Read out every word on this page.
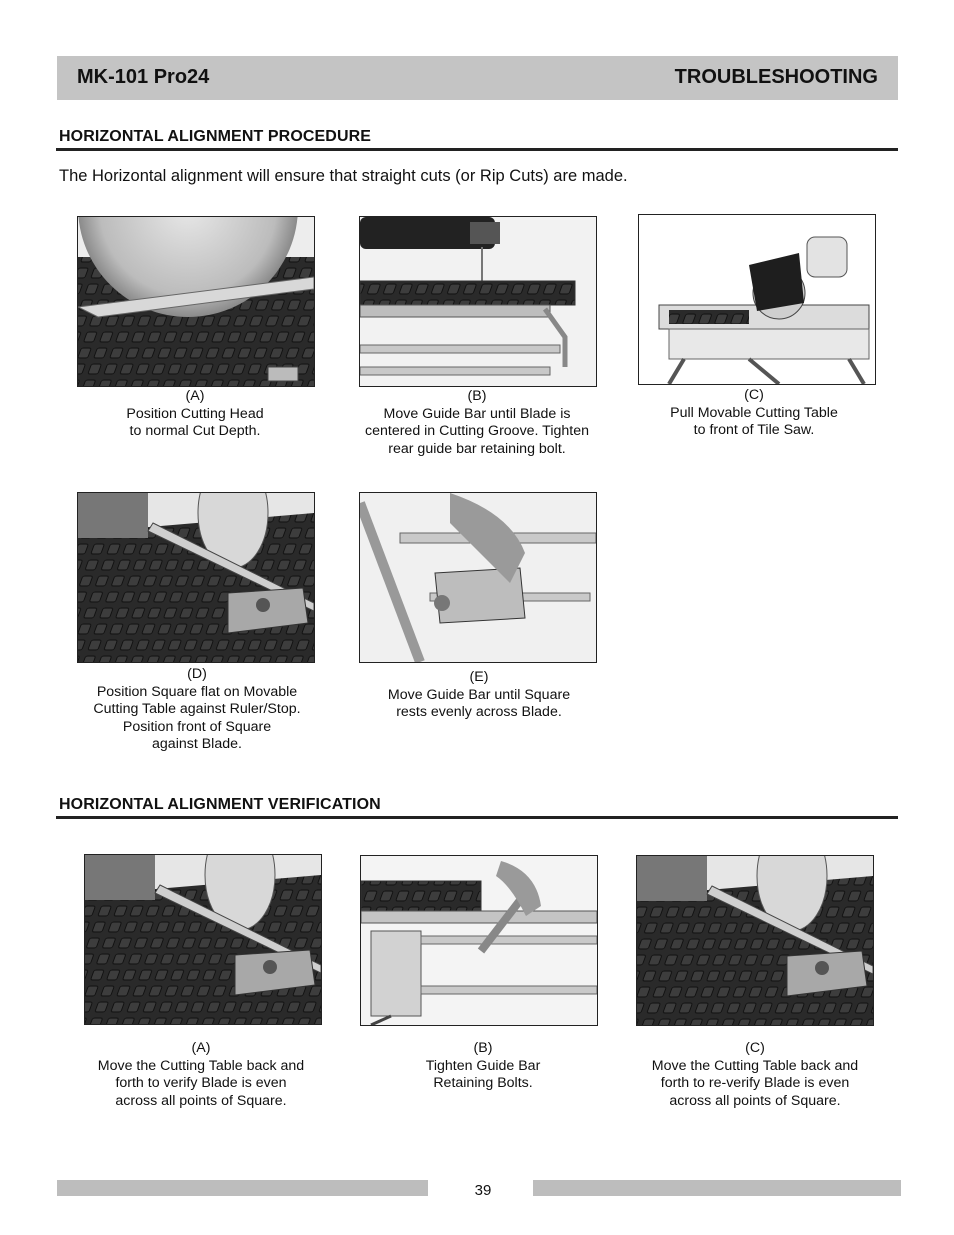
MK-101 Pro24	TROUBLESHOOTING
HORIZONTAL ALIGNMENT PROCEDURE
The Horizontal alignment will ensure that straight cuts (or Rip Cuts) are made.
(A)
Position Cutting Head
to normal Cut Depth.
(B)
Move Guide Bar until Blade is
centered in Cutting Groove. Tighten
rear guide bar retaining bolt.
(C)
Pull Movable Cutting Table
to front of Tile Saw.
(D)
Position Square flat on Movable
Cutting Table against Ruler/Stop.
Position front of Square
against Blade.
(E)
Move Guide Bar until Square
rests evenly across Blade.
HORIZONTAL ALIGNMENT VERIFICATION
(A)
Move the Cutting Table back and
forth to verify Blade is even
across all points of Square.
(B)
Tighten Guide Bar
Retaining Bolts.
(C)
Move the Cutting Table back and
forth to re-verify Blade is even
across all points of Square.
39
